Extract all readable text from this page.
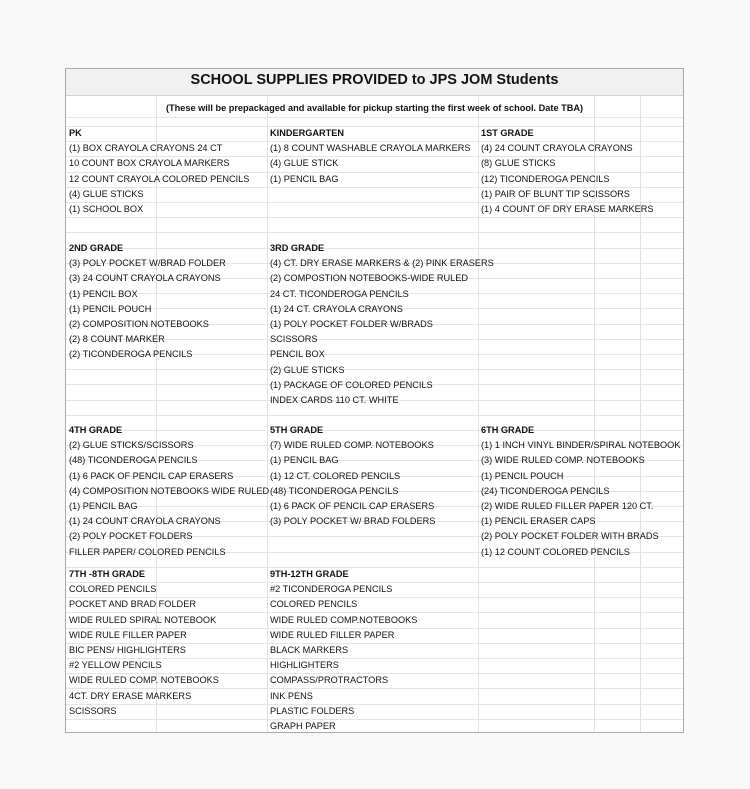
SCHOOL SUPPLIES PROVIDED to JPS JOM Students
(These will be prepackaged and available for pickup starting the first week of school. Date TBA)
PK
(1) BOX CRAYOLA CRAYONS 24 CT
10 COUNT BOX CRAYOLA MARKERS
12 COUNT CRAYOLA COLORED PENCILS
(4) GLUE STICKS
(1) SCHOOL BOX
KINDERGARTEN
(1) 8 COUNT WASHABLE CRAYOLA MARKERS
(4) GLUE STICK
(1) PENCIL BAG
1ST GRADE
(4) 24 COUNT CRAYOLA CRAYONS
(8) GLUE STICKS
(12) TICONDEROGA PENCILS
(1) PAIR OF BLUNT TIP SCISSORS
(1) 4 COUNT OF DRY ERASE MARKERS
2ND GRADE
(3) POLY POCKET W/BRAD FOLDER
(3) 24 COUNT CRAYOLA CRAYONS
(1) PENCIL BOX
(1) PENCIL POUCH
(2) COMPOSITION NOTEBOOKS
(2) 8 COUNT MARKER
(2) TICONDEROGA PENCILS
3RD GRADE
(4) CT. DRY ERASE MARKERS & (2) PINK ERASERS
(2) COMPOSTION NOTEBOOKS-WIDE RULED
24 CT. TICONDEROGA PENCILS
(1) 24 CT. CRAYOLA CRAYONS
(1) POLY POCKET FOLDER W/BRADS
SCISSORS
PENCIL BOX
(2) GLUE STICKS
(1) PACKAGE OF COLORED PENCILS
INDEX CARDS 110 CT. WHITE
4TH GRADE
(2) GLUE STICKS/SCISSORS
(48) TICONDEROGA PENCILS
(1) 6 PACK OF PENCIL CAP ERASERS
(4) COMPOSITION NOTEBOOKS WIDE RULED
(1) PENCIL BAG
(1) 24 COUNT CRAYOLA CRAYONS
(2) POLY POCKET FOLDERS
FILLER PAPER/ COLORED PENCILS
5TH GRADE
(7) WIDE RULED COMP. NOTEBOOKS
(1) PENCIL BAG
(1) 12 CT. COLORED PENCILS
(48) TICONDEROGA PENCILS
(1) 6 PACK OF PENCIL CAP ERASERS
(3) POLY POCKET W/ BRAD FOLDERS
6TH GRADE
(1) 1 INCH VINYL BINDER/SPIRAL NOTEBOOK
(3) WIDE RULED COMP. NOTEBOOKS
(1) PENCIL POUCH
(24) TICONDEROGA PENCILS
(2) WIDE RULED FILLER PAPER 120 CT.
(1) PENCIL ERASER CAPS
(2) POLY POCKET FOLDER WITH BRADS
(1) 12 COUNT COLORED PENCILS
7TH -8TH GRADE
COLORED PENCILS
POCKET AND BRAD FOLDER
WIDE RULED SPIRAL NOTEBOOK
WIDE RULE FILLER PAPER
BIC PENS/ HIGHLIGHTERS
#2 YELLOW PENCILS
WIDE RULED COMP. NOTEBOOKS
4CT. DRY ERASE MARKERS
SCISSORS
9TH-12TH GRADE
#2 TICONDEROGA PENCILS
COLORED PENCILS
WIDE RULED COMP.NOTEBOOKS
WIDE RULED FILLER PAPER
BLACK MARKERS
HIGHLIGHTERS
COMPASS/PROTRACTORS
INK PENS
PLASTIC FOLDERS
GRAPH PAPER
